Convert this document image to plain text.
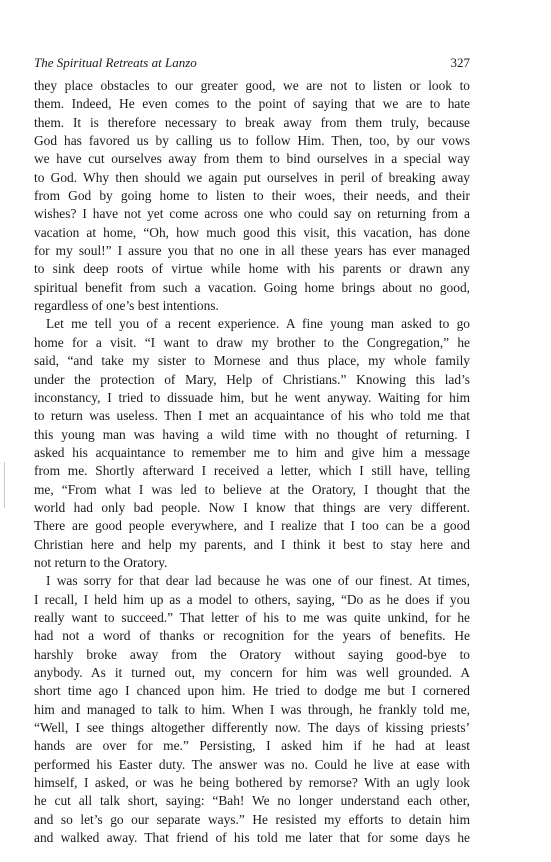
The Spiritual Retreats at Lanzo	327
they place obstacles to our greater good, we are not to listen or look to
them. Indeed, He even comes to the point of saying that we are to hate
them. It is therefore necessary to break away from them truly, because
God has favored us by calling us to follow Him. Then, too, by our vows
we have cut ourselves away from them to bind ourselves in a special way
to God. Why then should we again put ourselves in peril of breaking away
from God by going home to listen to their woes, their needs, and their
wishes? I have not yet come across one who could say on returning from a
vacation at home, “Oh, how much good this visit, this vacation, has done
for my soul!” I assure you that no one in all these years has ever managed
to sink deep roots of virtue while home with his parents or drawn any
spiritual benefit from such a vacation. Going home brings about no good,
regardless of one’s best intentions.
Let me tell you of a recent experience. A fine young man asked to go
home for a visit. “I want to draw my brother to the Congregation,” he
said, “and take my sister to Mornese and thus place, my whole family
under the protection of Mary, Help of Christians.” Knowing this lad’s
inconstancy, I tried to dissuade him, but he went anyway. Waiting for him
to return was useless. Then I met an acquaintance of his who told me that
this young man was having a wild time with no thought of returning. I
asked his acquaintance to remember me to him and give him a message
from me. Shortly afterward I received a letter, which I still have, telling
me, “From what I was led to believe at the Oratory, I thought that the
world had only bad people. Now I know that things are very different.
There are good people everywhere, and I realize that I too can be a good
Christian here and help my parents, and I think it best to stay here and
not return to the Oratory.
I was sorry for that dear lad because he was one of our finest. At times,
I recall, I held him up as a model to others, saying, “Do as he does if you
really want to succeed.” That letter of his to me was quite unkind, for he
had not a word of thanks or recognition for the years of benefits. He
harshly broke away from the Oratory without saying good-bye to
anybody. As it turned out, my concern for him was well grounded. A
short time ago I chanced upon him. He tried to dodge me but I cornered
him and managed to talk to him. When I was through, he frankly told me,
“Well, I see things altogether differently now. The days of kissing priests’
hands are over for me.” Persisting, I asked him if he had at least
performed his Easter duty. The answer was no. Could he live at ease with
himself, I asked, or was he being bothered by remorse? With an ugly look
he cut all talk short, saying: “Bah! We no longer understand each other,
and so let’s go our separate ways.” He resisted my efforts to detain him
and walked away. That friend of his told me later that for some days he
